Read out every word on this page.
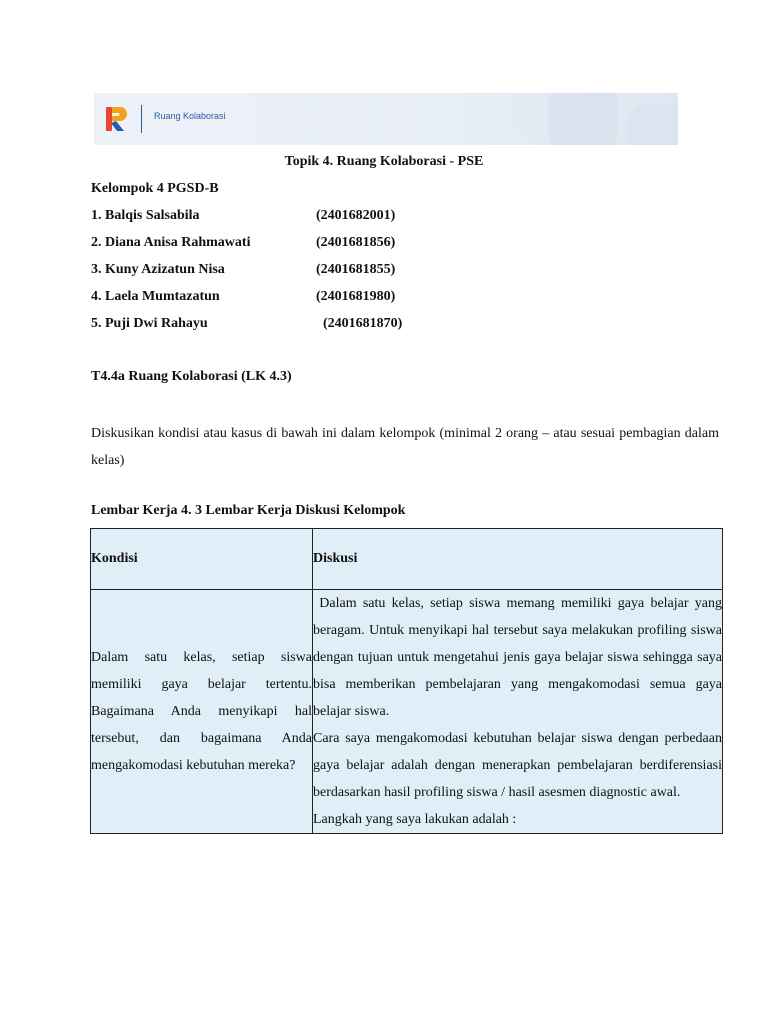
Ruang Kolaborasi
Topik 4. Ruang Kolaborasi - PSE
Kelompok 4 PGSD-B
1. Balqis Salsabila	(2401682001)
2. Diana Anisa Rahmawati	(2401681856)
3. Kuny Azizatun Nisa	(2401681855)
4. Laela Mumtazatun	(2401681980)
5. Puji Dwi Rahayu	(2401681870)
T4.4a Ruang Kolaborasi (LK 4.3)
Diskusikan kondisi atau kasus di bawah ini dalam kelompok (minimal 2 orang – atau sesuai pembagian dalam kelas)
Lembar Kerja 4. 3 Lembar Kerja Diskusi Kelompok
Kondisi	Diskusi
Dalam satu kelas, setiap siswa memiliki gaya belajar tertentu. Bagaimana Anda menyikapi hal tersebut, dan bagaimana Anda mengakomodasi kebutuhan mereka?	Dalam satu kelas, setiap siswa memang memiliki gaya belajar yang beragam. Untuk menyikapi hal tersebut saya melakukan profiling siswa dengan tujuan untuk mengetahui jenis gaya belajar siswa sehingga saya bisa memberikan pembelajaran yang mengakomodasi semua gaya belajar siswa.

Cara saya mengakomodasi kebutuhan belajar siswa dengan perbedaan gaya belajar adalah dengan menerapkan pembelajaran berdiferensiasi berdasarkan hasil profiling siswa / hasil asesmen diagnostic awal.

Langkah yang saya lakukan adalah :
